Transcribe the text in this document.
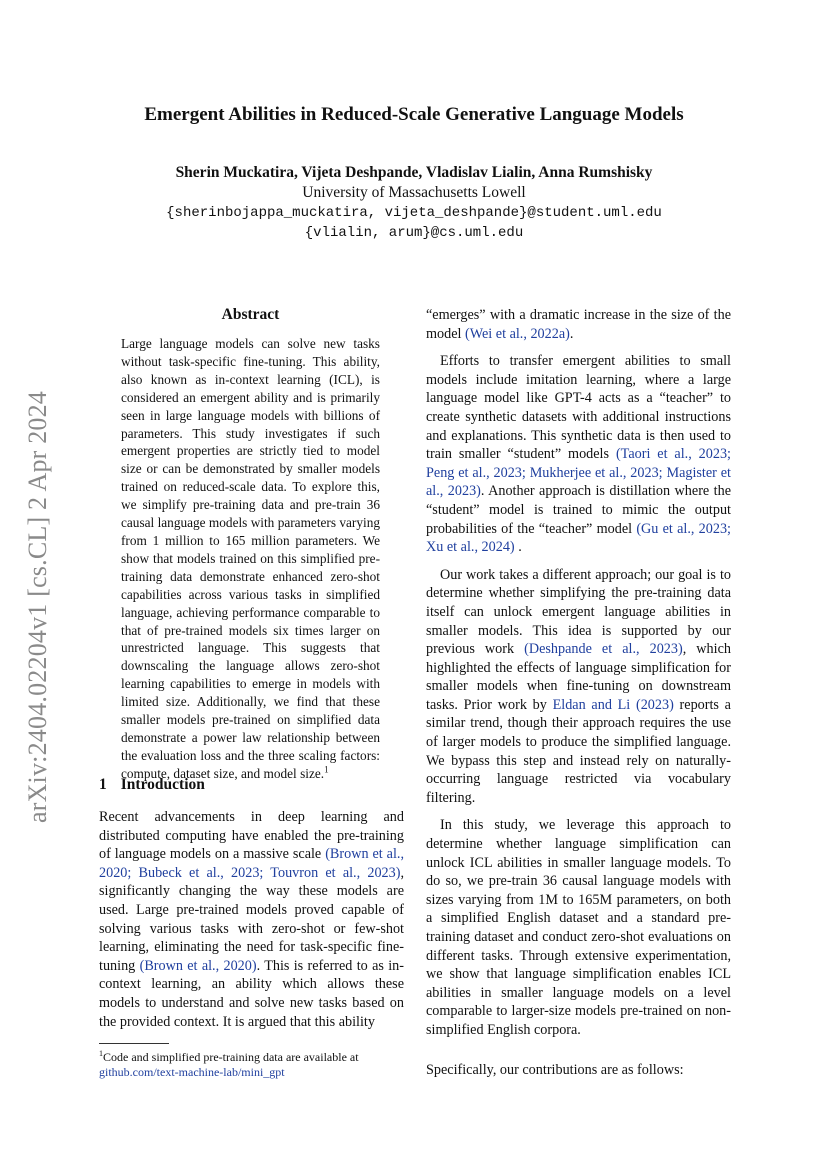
arXiv:2404.02204v1 [cs.CL] 2 Apr 2024
Emergent Abilities in Reduced-Scale Generative Language Models
Sherin Muckatira, Vijeta Deshpande, Vladislav Lialin, Anna Rumshisky
University of Massachusetts Lowell
{sherinbojappa_muckatira, vijeta_deshpande}@student.uml.edu
{vlialin, arum}@cs.uml.edu
Abstract

Large language models can solve new tasks without task-specific fine-tuning. This ability, also known as in-context learning (ICL), is considered an emergent ability and is primarily seen in large language models with billions of parameters. This study investigates if such emergent properties are strictly tied to model size or can be demonstrated by smaller models trained on reduced-scale data. To explore this, we simplify pre-training data and pre-train 36 causal language models with parameters varying from 1 million to 165 million parameters. We show that models trained on this simplified pre-training data demonstrate enhanced zero-shot capabilities across various tasks in simplified language, achieving performance comparable to that of pre-trained models six times larger on unrestricted language. This suggests that downscaling the language allows zero-shot learning capabilities to emerge in models with limited size. Additionally, we find that these smaller models pre-trained on simplified data demonstrate a power law relationship between the evaluation loss and the three scaling factors: compute, dataset size, and model size.$^1$

1 Introduction

Recent advancements in deep learning and distributed computing have enabled the pre-training of language models on a massive scale (Brown et al., 2020; Bubeck et al., 2023; Touvron et al., 2023), significantly changing the way these models are used. Large pre-trained models proved capable of solving various tasks with zero-shot or few-shot learning, eliminating the need for task-specific fine-tuning (Brown et al., 2020). This is referred to as in-context learning, an ability which allows these models to understand and solve new tasks based on the provided context. It is argued that this ability

“emerges” with a dramatic increase in the size of the model (Wei et al., 2022a).

Efforts to transfer emergent abilities to small models include imitation learning, where a large language model like GPT-4 acts as a “teacher” to create synthetic datasets with additional instructions and explanations. This synthetic data is then used to train smaller “student” models (Taori et al., 2023; Peng et al., 2023; Mukherjee et al., 2023; Magister et al., 2023). Another approach is distillation where the “student” model is trained to mimic the output probabilities of the “teacher” model (Gu et al., 2023; Xu et al., 2024) .

Our work takes a different approach; our goal is to determine whether simplifying the pre-training data itself can unlock emergent language abilities in smaller models. This idea is supported by our previous work (Deshpande et al., 2023), which highlighted the effects of language simplification for smaller models when fine-tuning on downstream tasks. Prior work by Eldan and Li (2023) reports a similar trend, though their approach requires the use of larger models to produce the simplified language. We bypass this step and instead rely on naturally-occurring language restricted via vocabulary filtering.

In this study, we leverage this approach to determine whether language simplification can unlock ICL abilities in smaller language models. To do so, we pre-train 36 causal language models with sizes varying from 1M to 165M parameters, on both a simplified English dataset and a standard pre-training dataset and conduct zero-shot evaluations on different tasks. Through extensive experimentation, we show that language simplification enables ICL abilities in smaller language models on a level comparable to larger-size models pre-trained on non-simplified English corpora.

Specifically, our contributions are as follows:
$^1$Code and simplified pre-training data are available at
github.com/text-machine-lab/mini_gpt
